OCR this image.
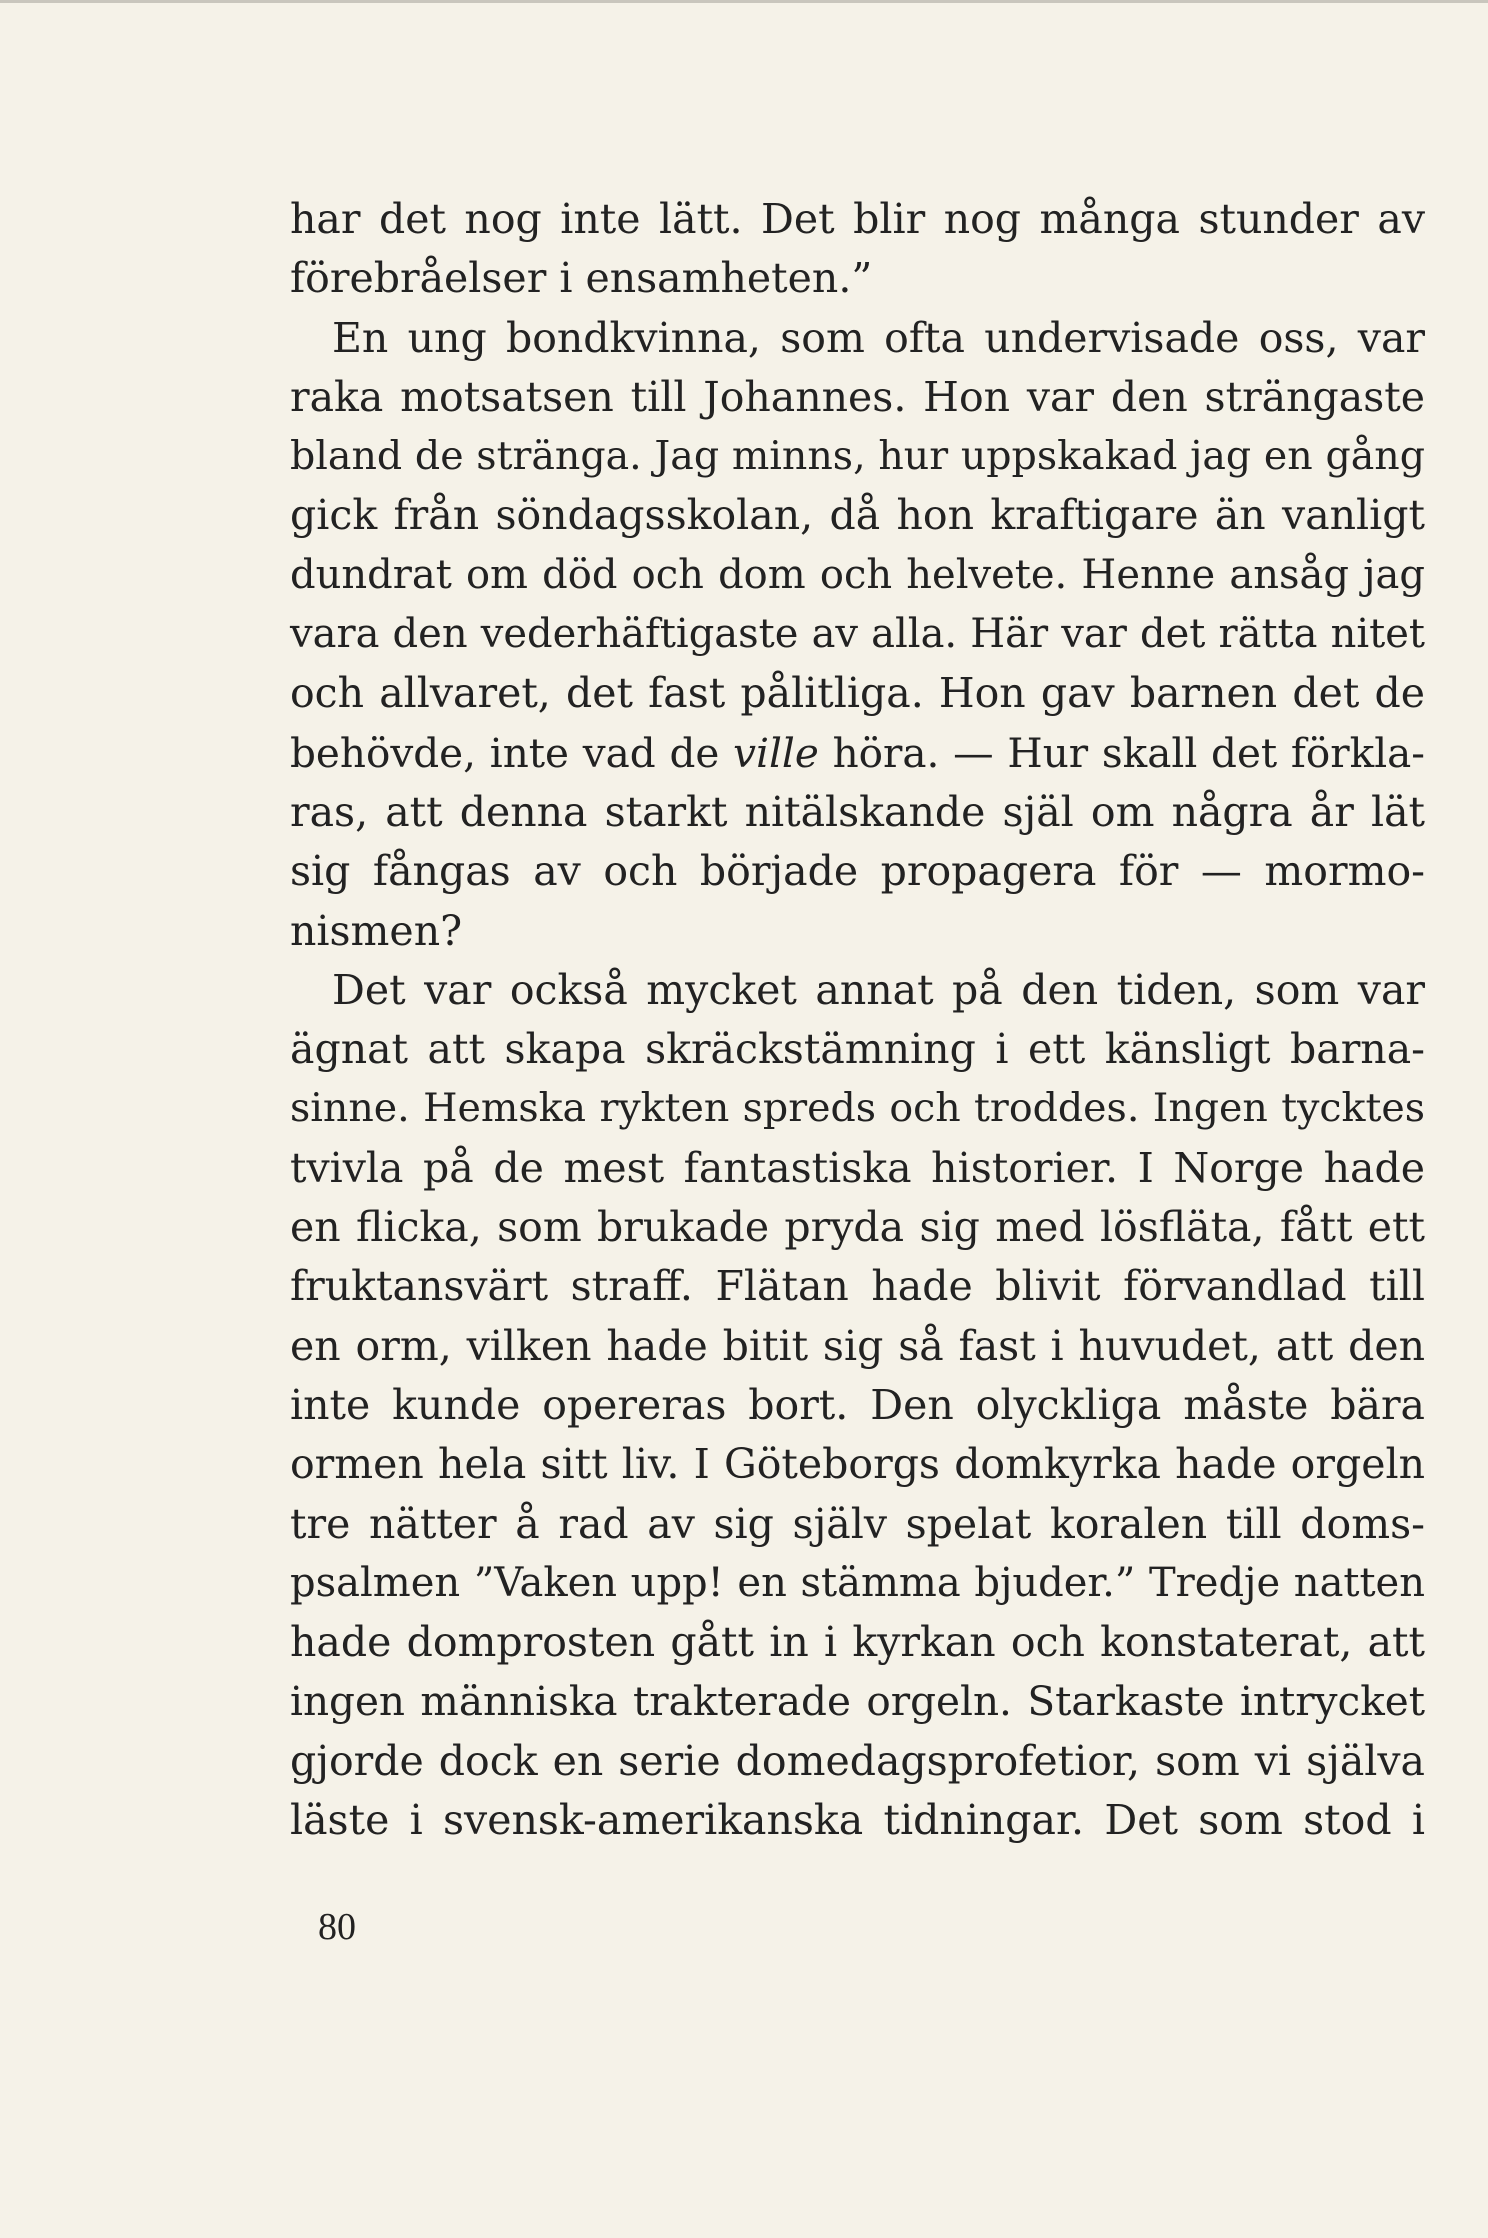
har det nog inte lätt. Det blir nog många stunder av
förebråelser i ensamheten.”
En ung bondkvinna, som ofta undervisade oss, var
raka motsatsen till Johannes. Hon var den strängaste
bland de stränga. Jag minns, hur uppskakad jag en gång
gick från söndagsskolan, då hon kraftigare än vanligt
dundrat om död och dom och helvete. Henne ansåg jag
vara den vederhäftigaste av alla. Här var det rätta nitet
och allvaret, det fast pålitliga. Hon gav barnen det de
behövde, inte vad de ville höra. — Hur skall det förkla-
ras, att denna starkt nitälskande själ om några år lät
sig fångas av och började propagera för — mormo-
nismen?
Det var också mycket annat på den tiden, som var
ägnat att skapa skräckstämning i ett känsligt barna-
sinne. Hemska rykten spreds och troddes. Ingen tycktes
tvivla på de mest fantastiska historier. I Norge hade
en flicka, som brukade pryda sig med lösfläta, fått ett
fruktansvärt straff. Flätan hade blivit förvandlad till
en orm, vilken hade bitit sig så fast i huvudet, att den
inte kunde opereras bort. Den olyckliga måste bära
ormen hela sitt liv. I Göteborgs domkyrka hade orgeln
tre nätter å rad av sig själv spelat koralen till doms-
psalmen ”Vaken upp! en stämma bjuder.” Tredje natten
hade domprosten gått in i kyrkan och konstaterat, att
ingen människa trakterade orgeln. Starkaste intrycket
gjorde dock en serie domedagsprofetior, som vi själva
läste i svensk-amerikanska tidningar. Det som stod i
80
